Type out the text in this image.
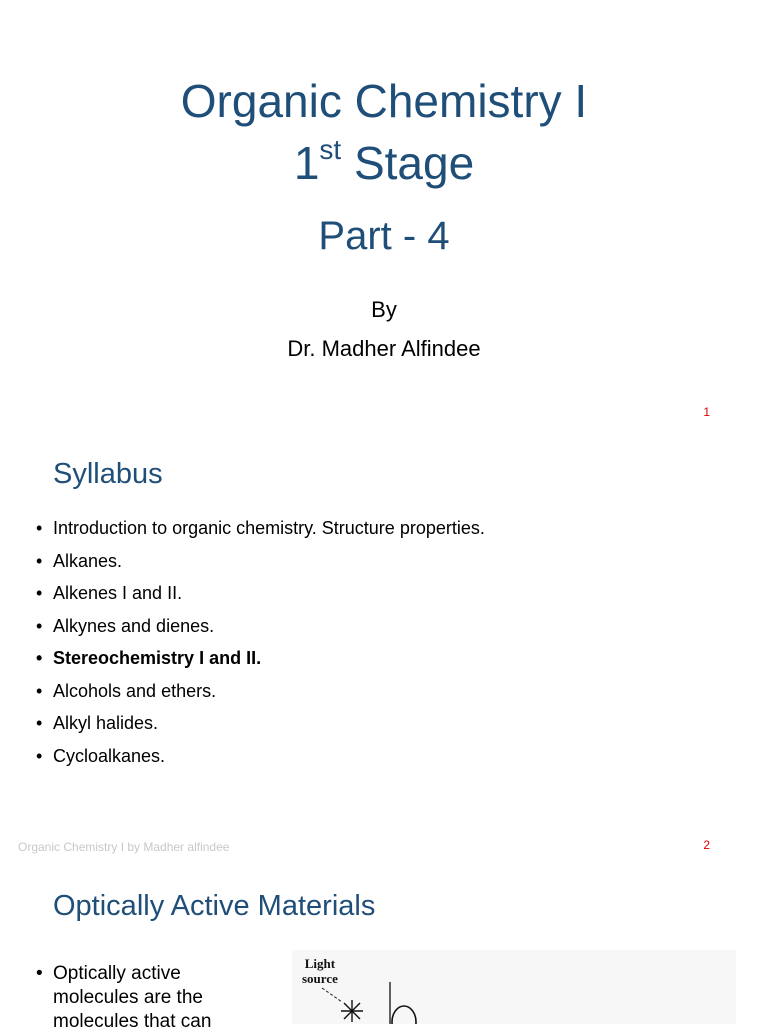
Organic Chemistry I
1st Stage
Part - 4
By
Dr. Madher Alfindee
1
Syllabus
• Introduction to organic chemistry. Structure properties.
• Alkanes.
• Alkenes I and II.
• Alkynes and dienes.
• Stereochemistry I and II.
• Alcohols and ethers.
• Alkyl halides.
• Cycloalkanes.
Organic Chemistry I by Madher alfindee	2
Optically Active Materials
• Optically active
molecules are the
molecules that can
Light
source
